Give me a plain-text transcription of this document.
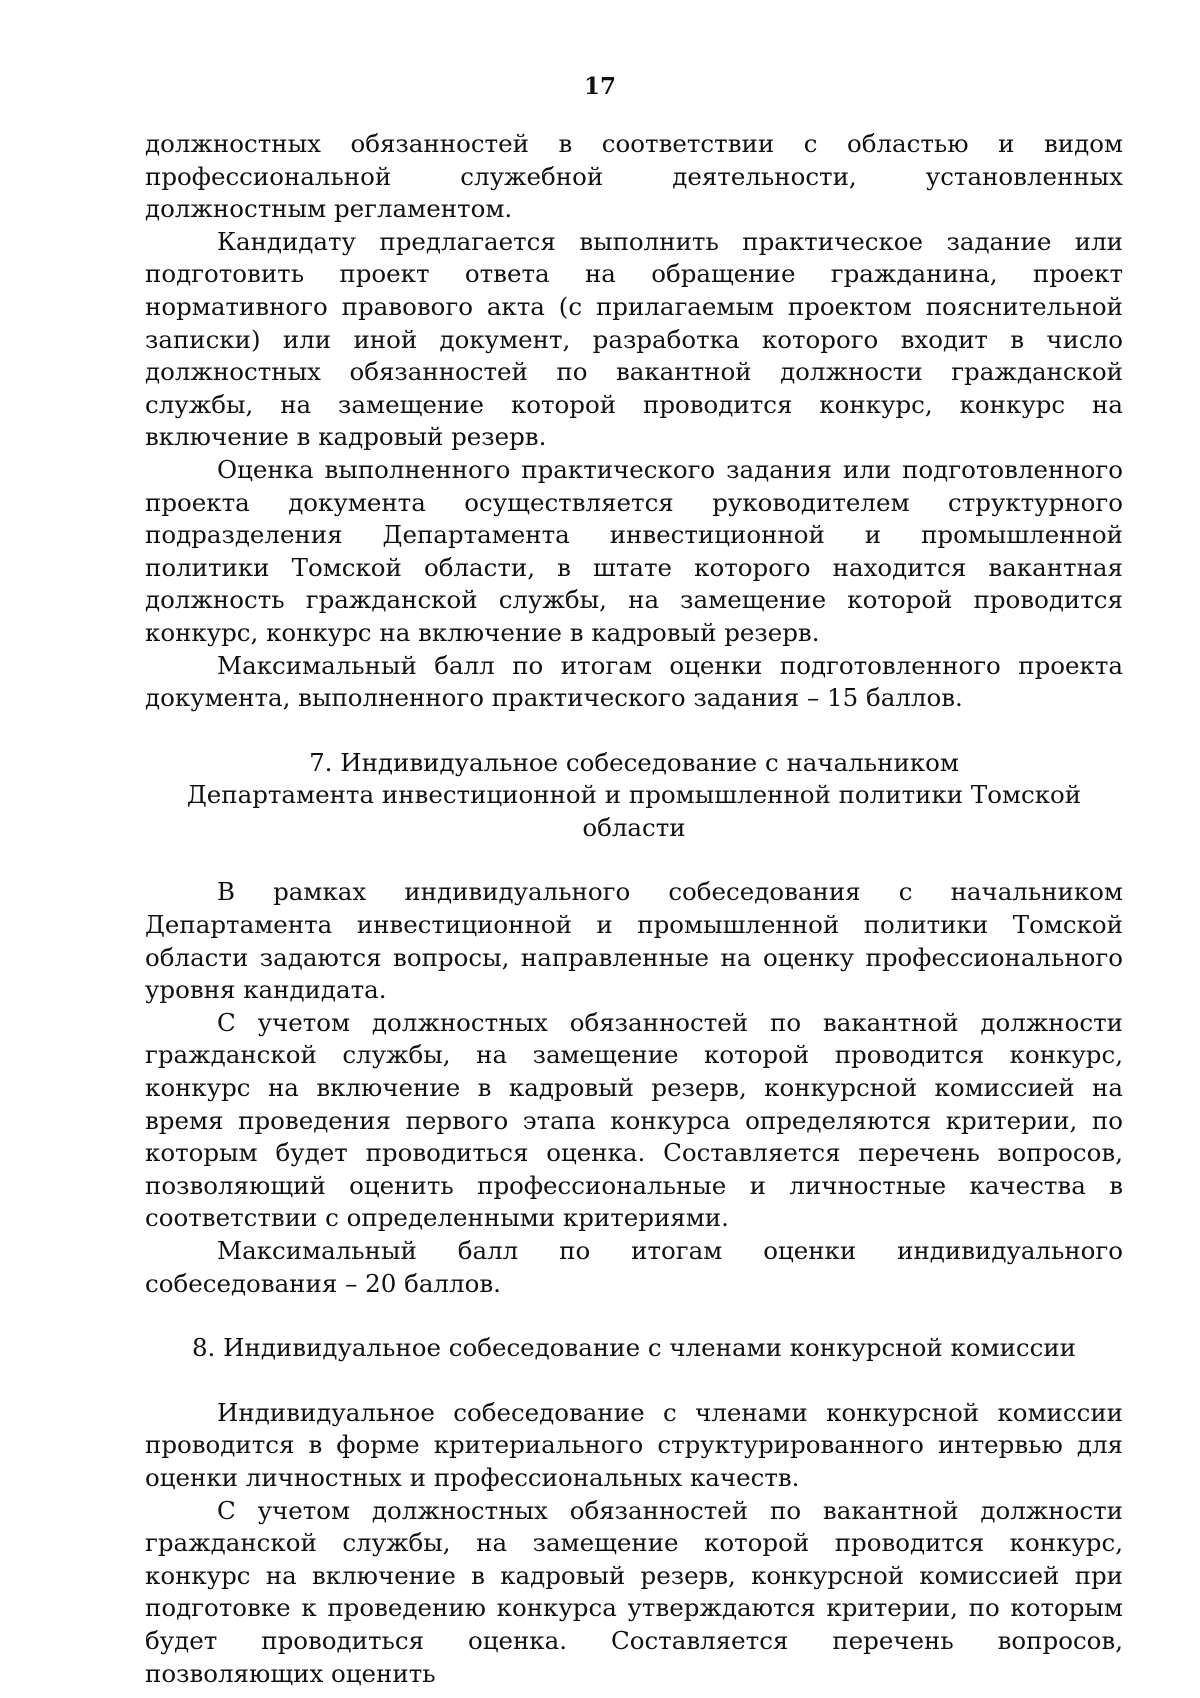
17

должностных обязанностей в соответствии с областью и видом профессиональной служебной деятельности, установленных должностным регламентом.

Кандидату предлагается выполнить практическое задание или подготовить проект ответа на обращение гражданина, проект нормативного правового акта (с прилагаемым проектом пояснительной записки) или иной документ, разработка которого входит в число должностных обязанностей по вакантной должности гражданской службы, на замещение которой проводится конкурс, конкурс на включение в кадровый резерв.

Оценка выполненного практического задания или подготовленного проекта документа осуществляется руководителем структурного подразделения Департамента инвестиционной и промышленной политики Томской области, в штате которого находится вакантная должность гражданской службы, на замещение которой проводится конкурс, конкурс на включение в кадровый резерв.

Максимальный балл по итогам оценки подготовленного проекта документа, выполненного практического задания – 15 баллов.

7. Индивидуальное собеседование с начальником

Департамента инвестиционной и промышленной политики Томской области

В рамках индивидуального собеседования с начальником Департамента инвестиционной и промышленной политики Томской области задаются вопросы, направленные на оценку профессионального уровня кандидата.

С учетом должностных обязанностей по вакантной должности гражданской службы, на замещение которой проводится конкурс, конкурс на включение в кадровый резерв, конкурсной комиссией на время проведения первого этапа конкурса определяются критерии, по которым будет проводиться оценка. Составляется перечень вопросов, позволяющий оценить профессиональные и личностные качества в соответствии с определенными критериями.

Максимальный балл по итогам оценки индивидуального собеседования – 20 баллов.

8. Индивидуальное собеседование с членами конкурсной комиссии

Индивидуальное собеседование с членами конкурсной комиссии проводится в форме критериального структурированного интервью для оценки личностных и профессиональных качеств.

С учетом должностных обязанностей по вакантной должности гражданской службы, на замещение которой проводится конкурс, конкурс на включение в кадровый резерв, конкурсной комиссией при подготовке к проведению конкурса утверждаются критерии, по которым будет проводиться оценка. Составляется перечень вопросов, позволяющих оценить
